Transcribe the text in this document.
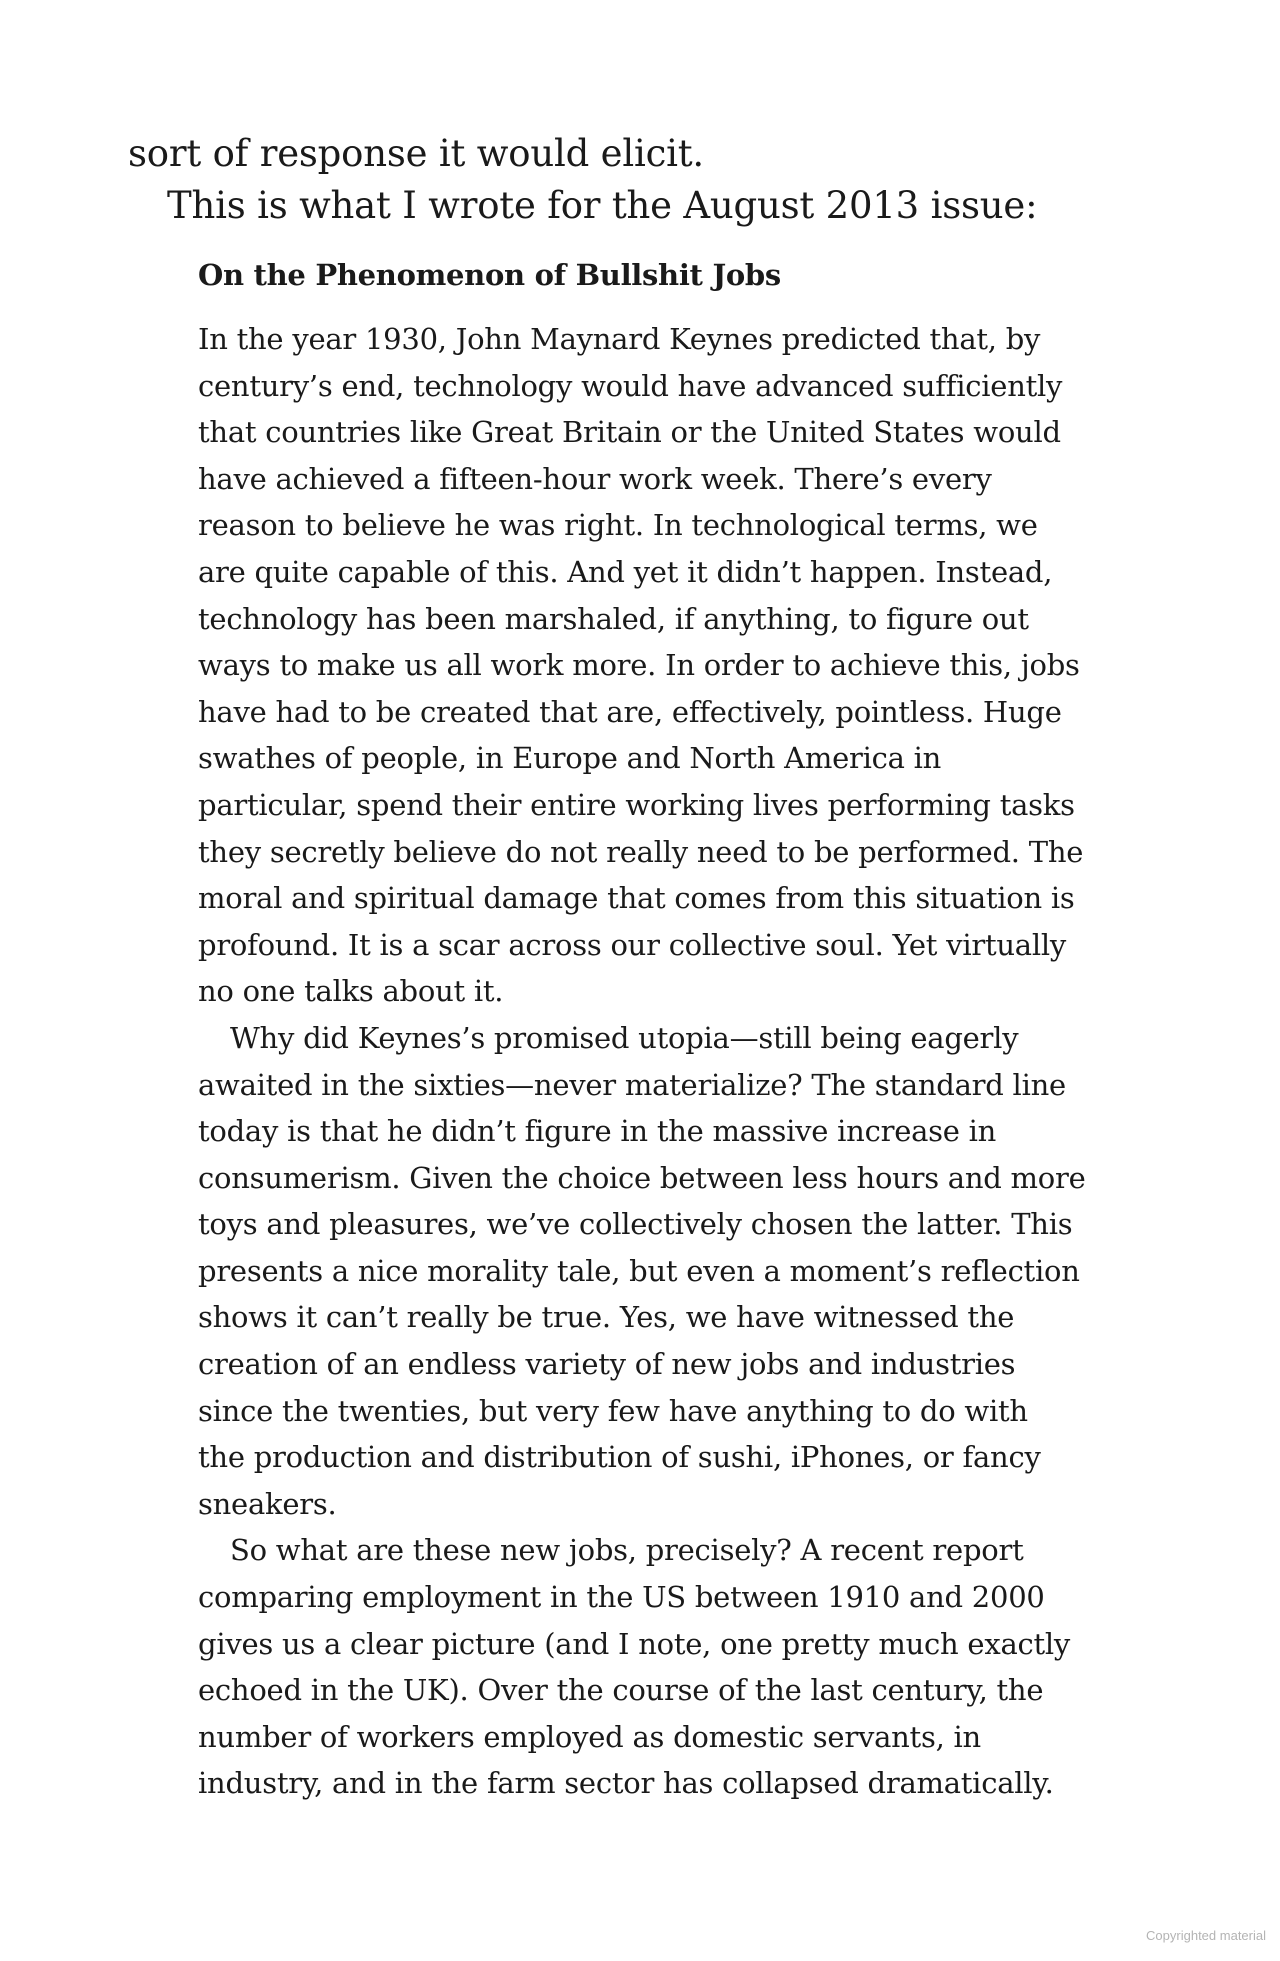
sort of response it would elicit.

This is what I wrote for the August 2013 issue:

On the Phenomenon of Bullshit Jobs

In the year 1930, John Maynard Keynes predicted that, by
century’s end, technology would have advanced sufficiently
that countries like Great Britain or the United States would
have achieved a fifteen-hour work week. There’s every
reason to believe he was right. In technological terms, we
are quite capable of this. And yet it didn’t happen. Instead,
technology has been marshaled, if anything, to figure out
ways to make us all work more. In order to achieve this, jobs
have had to be created that are, effectively, pointless. Huge
swathes of people, in Europe and North America in
particular, spend their entire working lives performing tasks
they secretly believe do not really need to be performed. The
moral and spiritual damage that comes from this situation is
profound. It is a scar across our collective soul. Yet virtually
no one talks about it.

Why did Keynes’s promised utopia—still being eagerly
awaited in the sixties—never materialize? The standard line
today is that he didn’t figure in the massive increase in
consumerism. Given the choice between less hours and more
toys and pleasures, we’ve collectively chosen the latter. This
presents a nice morality tale, but even a moment’s reflection
shows it can’t really be true. Yes, we have witnessed the
creation of an endless variety of new jobs and industries
since the twenties, but very few have anything to do with
the production and distribution of sushi, iPhones, or fancy
sneakers.

So what are these new jobs, precisely? A recent report
comparing employment in the US between 1910 and 2000
gives us a clear picture (and I note, one pretty much exactly
echoed in the UK). Over the course of the last century, the
number of workers employed as domestic servants, in
industry, and in the farm sector has collapsed dramatically.

Copyrighted material
